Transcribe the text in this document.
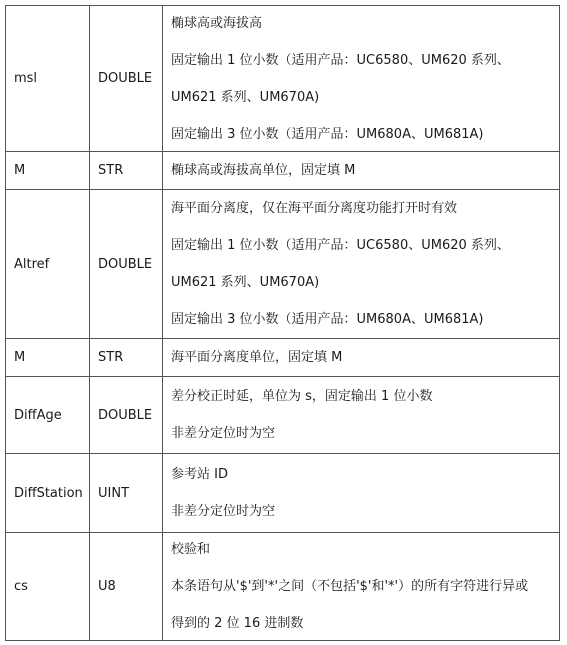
msl	DOUBLE	椭球高或海拔高
固定输出 1 位小数（适用产品：UC6580、UM620 系列、
UM621 系列、UM670A)
固定输出 3 位小数（适用产品：UM680A、UM681A)

M	STR	椭球高或海拔高单位，固定填 M

Altref	DOUBLE	海平面分离度，仅在海平面分离度功能打开时有效
固定输出 1 位小数（适用产品：UC6580、UM620 系列、
UM621 系列、UM670A)
固定输出 3 位小数（适用产品：UM680A、UM681A)

M	STR	海平面分离度单位，固定填 M

DiffAge	DOUBLE	差分校正时延，单位为 s，固定输出 1 位小数
非差分定位时为空

DiffStation	UINT	参考站 ID
非差分定位时为空

cs	U8	校验和
本条语句从'$'到'*'之间（不包括'$'和'*'）的所有字符进行异或
得到的 2 位 16 进制数
